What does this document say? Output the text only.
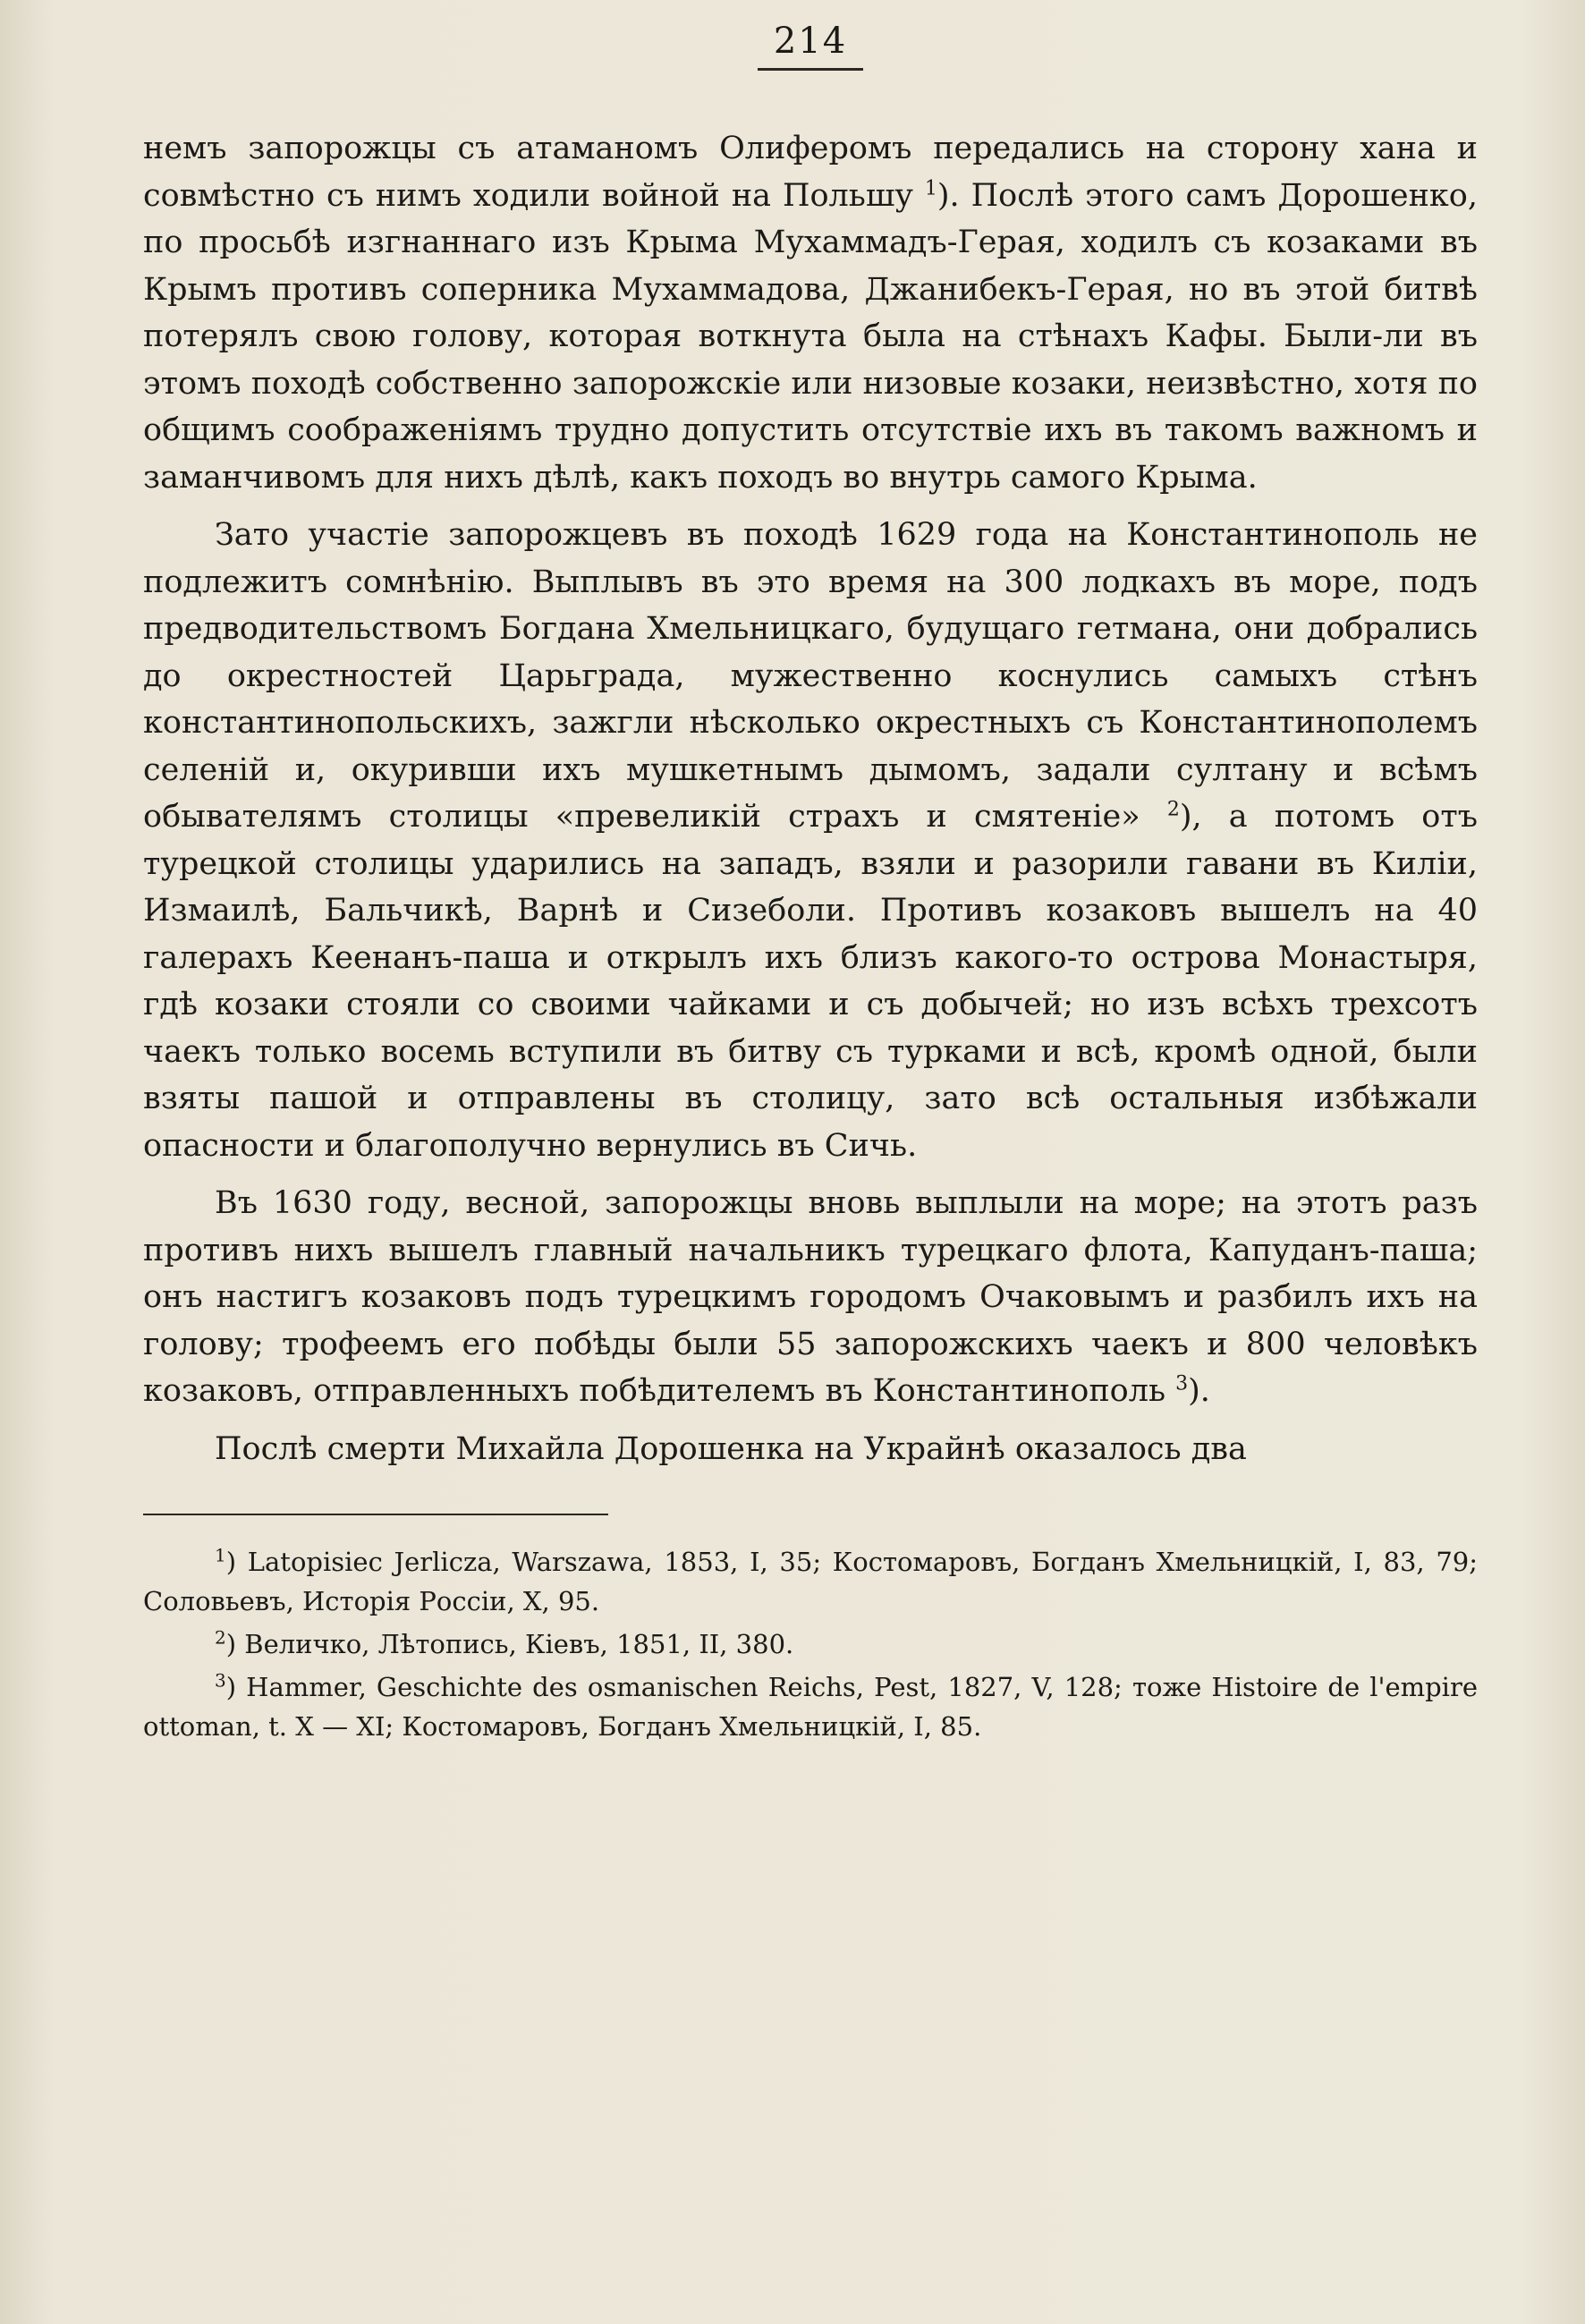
214

немъ запорожцы съ атаманомъ Олиферомъ передались на сторону хана и совмѣстно съ нимъ ходили войной на Польшу $^1$). Послѣ этого самъ Дорошенко, по просьбѣ изгнаннаго изъ Крыма Мухаммадъ-Герая, ходилъ съ козаками въ Крымъ противъ соперника Мухаммадова, Джанибекъ-Герая, но въ этой битвѣ потерялъ свою голову, которая воткнута была на стѣнахъ Кафы. Были-ли въ этомъ походѣ собственно запорожскіе или низовые козаки, неизвѣстно, хотя по общимъ соображеніямъ трудно допустить отсутствіе ихъ въ такомъ важномъ и заманчивомъ для нихъ дѣлѣ, какъ походъ во внутрь самого Крыма.

Зато участіе запорожцевъ въ походѣ 1629 года на Константинополь не подлежитъ сомнѣнію. Выплывъ въ это время на 300 лодкахъ въ море, подъ предводительствомъ Богдана Хмельницкаго, будущаго гетмана, они добрались до окрестностей Царьграда, мужественно коснулись самыхъ стѣнъ константинопольскихъ, зажгли нѣсколько окрестныхъ съ Константинополемъ селеній и, окуривши ихъ мушкетнымъ дымомъ, задали султану и всѣмъ обывателямъ столицы «превеликій страхъ и смятеніе» $^2$), а потомъ отъ турецкой столицы ударились на западъ, взяли и разорили гавани въ Киліи, Измаилѣ, Бальчикѣ, Варнѣ и Сизеболи. Противъ козаковъ вышелъ на 40 галерахъ Кеенанъ-паша и открылъ ихъ близъ какого-то острова Монастыря, гдѣ козаки стояли со своими чайками и съ добычей; но изъ всѣхъ трехсотъ чаекъ только восемь вступили въ битву съ турками и всѣ, кромѣ одной, были взяты пашой и отправлены въ столицу, зато всѣ остальныя избѣжали опасности и благополучно вернулись въ Сичь.

Въ 1630 году, весной, запорожцы вновь выплыли на море; на этотъ разъ противъ нихъ вышелъ главный начальникъ турецкаго флота, Капуданъ-паша; онъ настигъ козаковъ подъ турецкимъ городомъ Очаковымъ и разбилъ ихъ на голову; трофеемъ его побѣды были 55 запорожскихъ чаекъ и 800 человѣкъ козаковъ, отправленныхъ побѣдителемъ въ Константинополь $^3$).

Послѣ смерти Михайла Дорошенка на Украйнѣ оказалось два

$^1$) Latopisiec Jerlicza, Warszawa, 1853, I, 35; Костомаровъ, Богданъ Хмельницкій, I, 83, 79; Соловьевъ, Исторія Россіи, X, 95.

$^2$) Величко, Лѣтопись, Кіевъ, 1851, II, 380.

$^3$) Hammer, Geschichte des osmanischen Reichs, Pest, 1827, V, 128; тоже Histoire de l'empire ottoman, t. X — XI; Костомаровъ, Богданъ Хмельницкій, I, 85.
